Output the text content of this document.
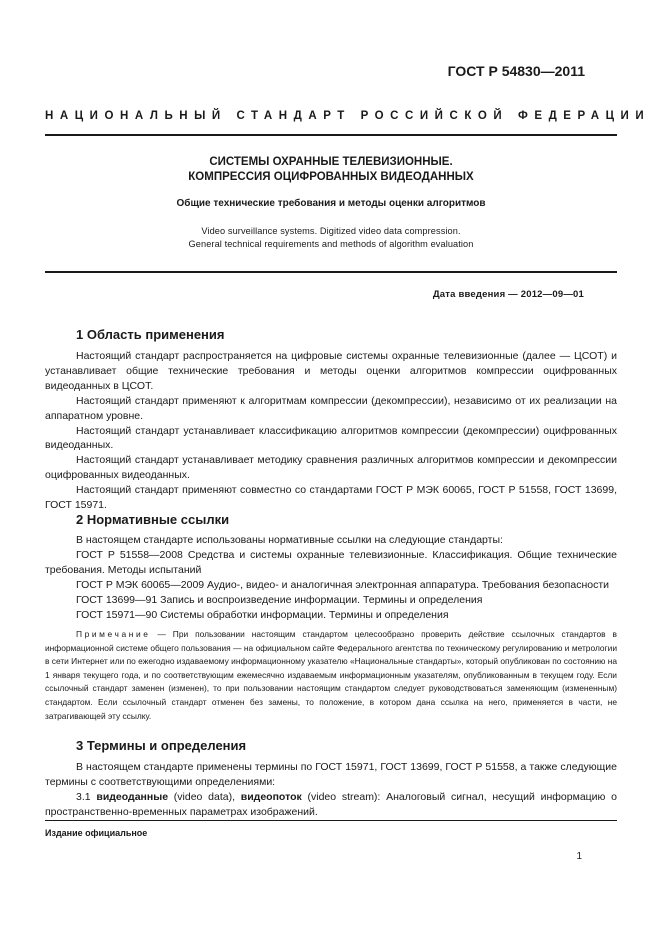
ГОСТ Р 54830—2011
НАЦИОНАЛЬНЫЙ СТАНДАРТ РОССИЙСКОЙ ФЕДЕРАЦИИ
СИСТЕМЫ ОХРАННЫЕ ТЕЛЕВИЗИОННЫЕ.
КОМПРЕССИЯ ОЦИФРОВАННЫХ ВИДЕОДАННЫХ
Общие технические требования и методы оценки алгоритмов
Video surveillance systems. Digitized video data compression.
General technical requirements and methods of algorithm evaluation
Дата введения — 2012—09—01
1 Область применения

Настоящий стандарт распространяется на цифровые системы охранные телевизионные (далее — ЦСОТ) и устанавливает общие технические требования и методы оценки алгоритмов компрессии оцифрованных видеоданных в ЦСОТ.

Настоящий стандарт применяют к алгоритмам компрессии (декомпрессии), независимо от их реализации на аппаратном уровне.

Настоящий стандарт устанавливает классификацию алгоритмов компрессии (декомпрессии) оцифрованных видеоданных.

Настоящий стандарт устанавливает методику сравнения различных алгоритмов компрессии и декомпрессии оцифрованных видеоданных.

Настоящий стандарт применяют совместно со стандартами ГОСТ Р МЭК 60065, ГОСТ Р 51558, ГОСТ 13699, ГОСТ 15971.

2 Нормативные ссылки

В настоящем стандарте использованы нормативные ссылки на следующие стандарты:

ГОСТ Р 51558—2008 Средства и системы охранные телевизионные. Классификация. Общие технические требования. Методы испытаний

ГОСТ Р МЭК 60065—2009 Аудио-, видео- и аналогичная электронная аппаратура. Требования безопасности

ГОСТ 13699—91 Запись и воспроизведение информации. Термины и определения

ГОСТ 15971—90 Системы обработки информации. Термины и определения

Примечание — При пользовании настоящим стандартом целесообразно проверить действие ссылочных стандартов в информационной системе общего пользования — на официальном сайте Федерального агентства по техническому регулированию и метрологии в сети Интернет или по ежегодно издаваемому информационному указателю «Национальные стандарты», который опубликован по состоянию на 1 января текущего года, и по соответствующим ежемесячно издаваемым информационным указателям, опубликованным в текущем году. Если ссылочный стандарт заменен (изменен), то при пользовании настоящим стандартом следует руководствоваться заменяющим (измененным) стандартом. Если ссылочный стандарт отменен без замены, то положение, в котором дана ссылка на него, применяется в части, не затрагивающей эту ссылку.

3 Термины и определения

В настоящем стандарте применены термины по ГОСТ 15971, ГОСТ 13699, ГОСТ Р 51558, а также следующие термины с соответствующими определениями:

3.1 видеоданные (video data), видеопоток (video stream): Аналоговый сигнал, несущий информацию о пространственно-временных параметрах изображений.

Издание официальное
1
